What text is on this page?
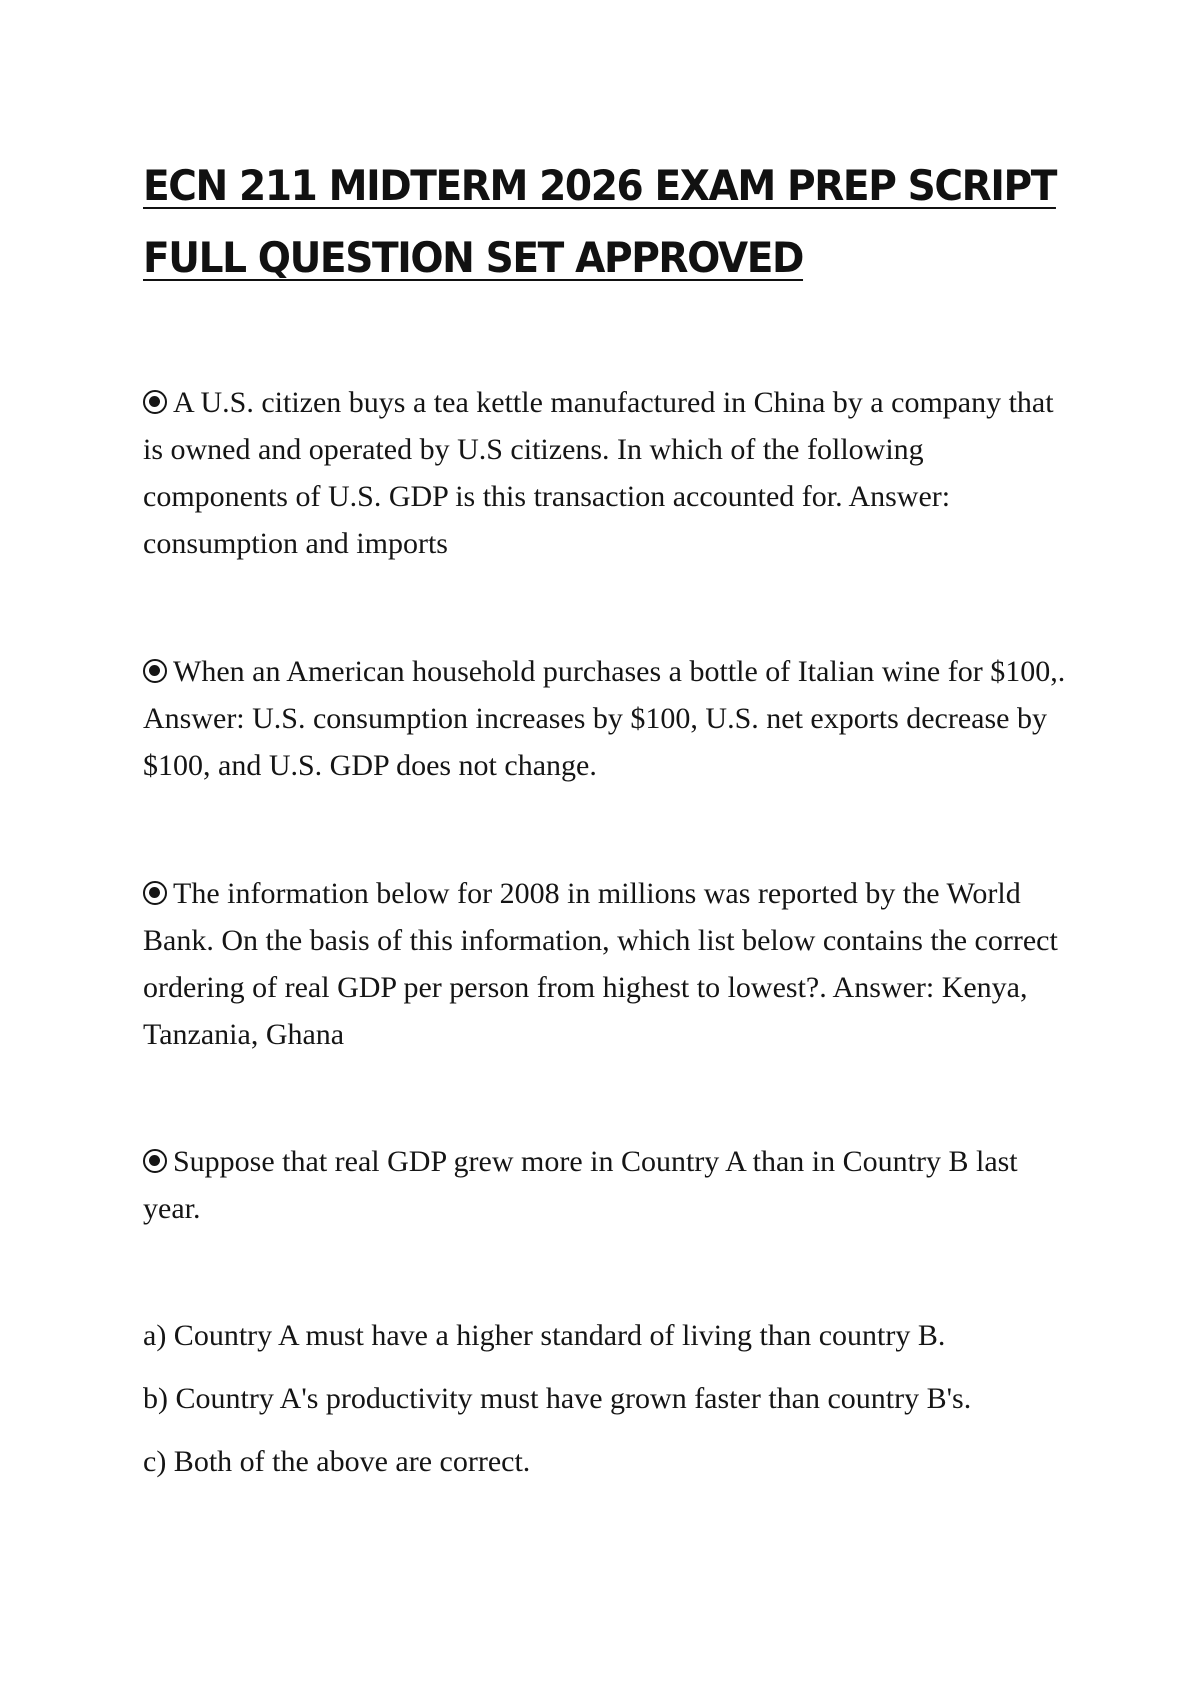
ECN 211 MIDTERM 2026 EXAM PREP SCRIPT
FULL QUESTION SET APPROVED

A U.S. citizen buys a tea kettle manufactured in China by a company that is owned and operated by U.S citizens. In which of the following components of U.S. GDP is this transaction accounted for. Answer: consumption and imports

When an American household purchases a bottle of Italian wine for $100,. Answer: U.S. consumption increases by $100, U.S. net exports decrease by $100, and U.S. GDP does not change.

The information below for 2008 in millions was reported by the World Bank. On the basis of this information, which list below contains the correct ordering of real GDP per person from highest to lowest?. Answer: Kenya, Tanzania, Ghana

Suppose that real GDP grew more in Country A than in Country B last year.

a) Country A must have a higher standard of living than country B.
b) Country A's productivity must have grown faster than country B's.
c) Both of the above are correct.
